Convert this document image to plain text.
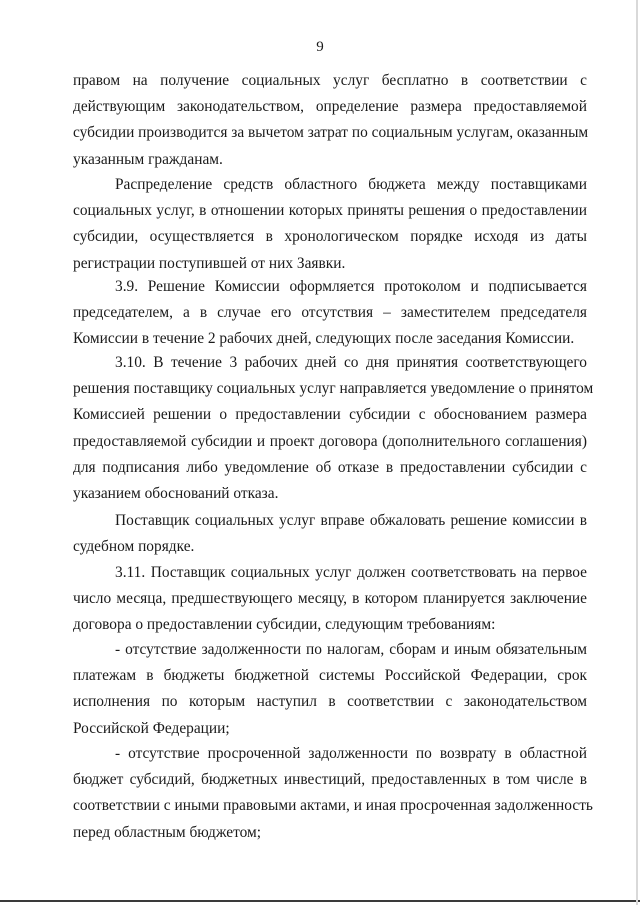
9
правом на получение социальных услуг бесплатно в соответствии с
действующим законодательством, определение размера предоставляемой
субсидии производится за вычетом затрат по социальным услугам, оказанным
указанным гражданам.
Распределение средств областного бюджета между поставщиками
социальных услуг, в отношении которых приняты решения о предоставлении
субсидии, осуществляется в хронологическом порядке исходя из даты
регистрации поступившей от них Заявки.
3.9. Решение Комиссии оформляется протоколом и подписывается
председателем, а в случае его отсутствия – заместителем председателя
Комиссии в течение 2 рабочих дней, следующих после заседания Комиссии.
3.10. В течение 3 рабочих дней со дня принятия соответствующего
решения поставщику социальных услуг направляется уведомление о принятом
Комиссией решении о предоставлении субсидии с обоснованием размера
предоставляемой субсидии и проект договора (дополнительного соглашения)
для подписания либо уведомление об отказе в предоставлении субсидии с
указанием обоснований отказа.
Поставщик социальных услуг вправе обжаловать решение комиссии в
судебном порядке.
3.11. Поставщик социальных услуг должен соответствовать на первое
число месяца, предшествующего месяцу, в котором планируется заключение
договора о предоставлении субсидии, следующим требованиям:
- отсутствие задолженности по налогам, сборам и иным обязательным
платежам в бюджеты бюджетной системы Российской Федерации, срок
исполнения по которым наступил в соответствии с законодательством
Российской Федерации;
- отсутствие просроченной задолженности по возврату в областной
бюджет субсидий, бюджетных инвестиций, предоставленных в том числе в
соответствии с иными правовыми актами, и иная просроченная задолженность
перед областным бюджетом;
